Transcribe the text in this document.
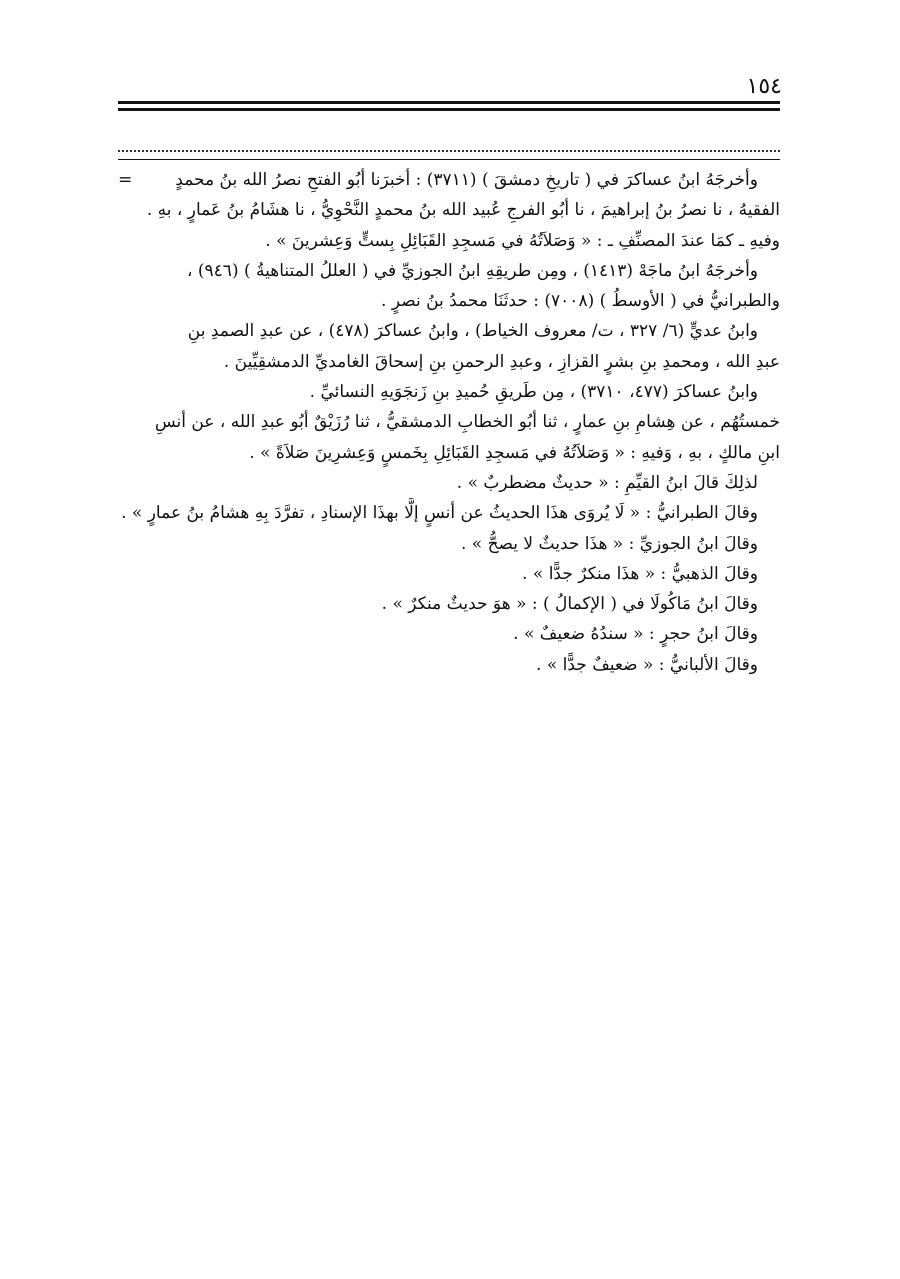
١٥٤

=	وأخرجَهُ ابنُ عساكرَ في ( تاريخِ دمشقَ ) (٣٧١١) : أخبرَنا أبُو الفتحِ نصرُ الله بنُ محمدٍ

الفقيهُ ، نا نصرُ بنُ إبراهيمَ ، نا أبُو الفرجِ عُبيد الله بنُ محمدٍ النَّحْوِيُّ ، نا هشَامُ بنُ عَمارٍ ، بهِ .

وفيهِ ـ كمَا عندَ المصنِّفِ ـ : « وَصَلاَتُهُ في مَسجِدِ القَبَائِلِ بِستٍّ وَعِشرينَ » .

وأخرجَهُ ابنُ ماجَهْ (١٤١٣) ، ومِن طريقِهِ ابنُ الجوزيِّ في ( العللُ المتناهيةُ ) (٩٤٦) ،

والطبرانيُّ في ( الأوسطُ ) (٧٠٠٨) : حدثَنَا محمدُ بنُ نصرٍ .

وابنُ عديٍّ (٦/ ٣٢٧ ، ت/ معروف الخياط) ، وابنُ عساكرَ (٤٧٨) ، عن عبدِ الصمدِ بنِ

عبدِ الله ، ومحمدِ بنِ بشرٍ القزازِ ، وعبدِ الرحمنِ بنِ إسحاقَ الغامديِّ الدمشقِيِّينَ .

وابنُ عساكرَ (٤٧٧، ٣٧١٠) ، مِن طَريقِ حُميدِ بنِ زَنجَوَيهِ النسائيِّ .

خمستُهُم ، عن هِشامِ بنِ عمارٍ ، ثنا أبُو الخطابِ الدمشقيُّ ، ثنا رُزَيْقٌ أبُو عبدِ الله ، عن أنسِ

ابنِ مالكٍ ، بهِ ، وَفيهِ : « وَصَلاَتُهُ في مَسجِدِ القَبَائِلِ بِخَمسٍ وَعِشرِينَ صَلاَةً » .

لذلِكَ قالَ ابنُ القيِّمِ : « حديثٌ مضطربٌ » .

وقالَ الطبرانيُّ : « لَا يُروَى هذَا الحديثُ عن أنسٍ إلَّا بهذَا الإسنادِ ، تفرَّدَ بِهِ هشامُ بنُ عمارٍ » .

وقالَ ابنُ الجوزيِّ : « هذَا حديثٌ لا يصحُّ » .

وقالَ الذهبيُّ : « هذَا منكرٌ جدًّا » .

وقالَ ابنُ مَاكُولَا في ( الإكمالُ ) : « هوَ حديثٌ منكرٌ » .

وقالَ ابنُ حجرٍ : « سندُهُ ضعيفٌ » .

وقالَ الألبانيُّ : « ضعيفٌ جدًّا » .
